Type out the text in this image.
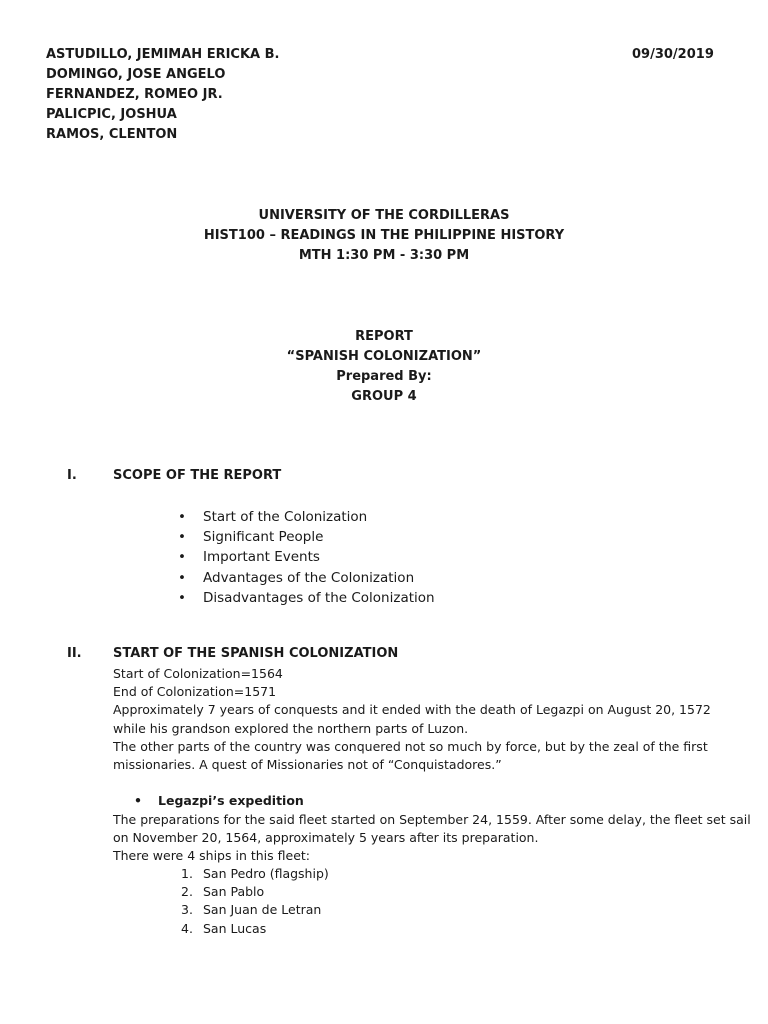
ASTUDILLO, JEMIMAH ERICKA B.
DOMINGO, JOSE ANGELO
FERNANDEZ, ROMEO JR.
PALICPIC, JOSHUA
RAMOS, CLENTON
09/30/2019
UNIVERSITY OF THE CORDILLERAS
HIST100 – READINGS IN THE PHILIPPINE HISTORY
MTH 1:30 PM - 3:30 PM
REPORT
“SPANISH COLONIZATION”
Prepared By:
GROUP 4
I.	SCOPE OF THE REPORT
• Start of the Colonization
• Significant People
• Important Events
• Advantages of the Colonization
• Disadvantages of the Colonization
II. START OF THE SPANISH COLONIZATION
Start of Colonization=1564
End of Colonization=1571
Approximately 7 years of conquests and it ended with the death of Legazpi on August 20, 1572
while his grandson explored the northern parts of Luzon.
The other parts of the country was conquered not so much by force, but by the zeal of the first
missionaries. A quest of Missionaries not of “Conquistadores.”
• Legazpi’s expedition
The preparations for the said fleet started on September 24, 1559. After some delay, the fleet set sail
on November 20, 1564, approximately 5 years after its preparation.
There were 4 ships in this fleet:
1. San Pedro (flagship)
2. San Pablo
3. San Juan de Letran
4. San Lucas
